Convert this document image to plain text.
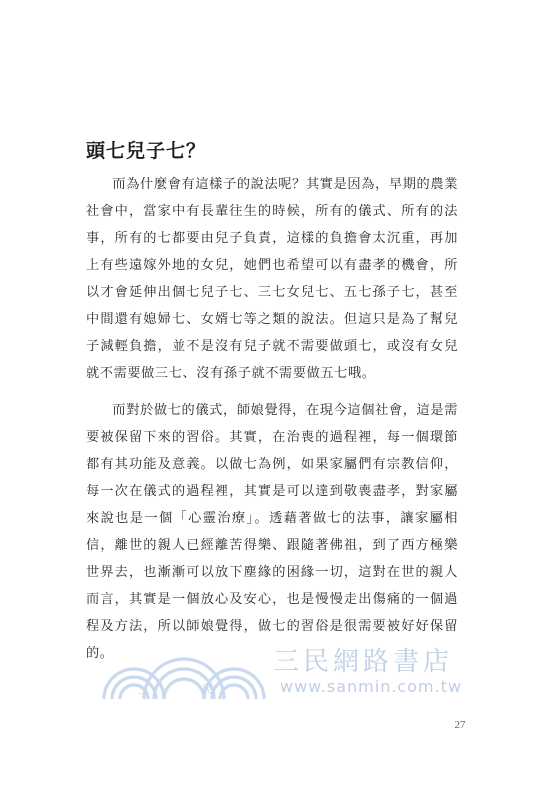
頭七兒子七？

而為什麼會有這樣子的說法呢？其實是因為，早期的農業社會中，當家中有長輩往生的時候，所有的儀式、所有的法事，所有的七都要由兒子負責，這樣的負擔會太沉重，再加上有些遠嫁外地的女兒，她們也希望可以有盡孝的機會，所以才會延伸出個七兒子七、三七女兒七、五七孫子七，甚至中間還有媳婦七、女婿七等之類的說法。但這只是為了幫兒子減輕負擔，並不是沒有兒子就不需要做頭七，或沒有女兒就不需要做三七、沒有孫子就不需要做五七哦。

而對於做七的儀式，師娘覺得，在現今這個社會，這是需要被保留下來的習俗。其實，在治喪的過程裡，每一個環節都有其功能及意義。以做七為例，如果家屬們有宗教信仰，每一次在儀式的過程裡，其實是可以達到敬喪盡孝，對家屬來說也是一個「心靈治療」。透藉著做七的法事，讓家屬相信，離世的親人已經離苦得樂、跟隨著佛祖，到了西方極樂世界去，也漸漸可以放下塵緣的困緣一切，這對在世的親人而言，其實是一個放心及安心，也是慢慢走出傷痛的一個過程及方法，所以師娘覺得，做七的習俗是很需要被好好保留的。

三	民
三民網路書店
www.sanmin.com.tw
27
